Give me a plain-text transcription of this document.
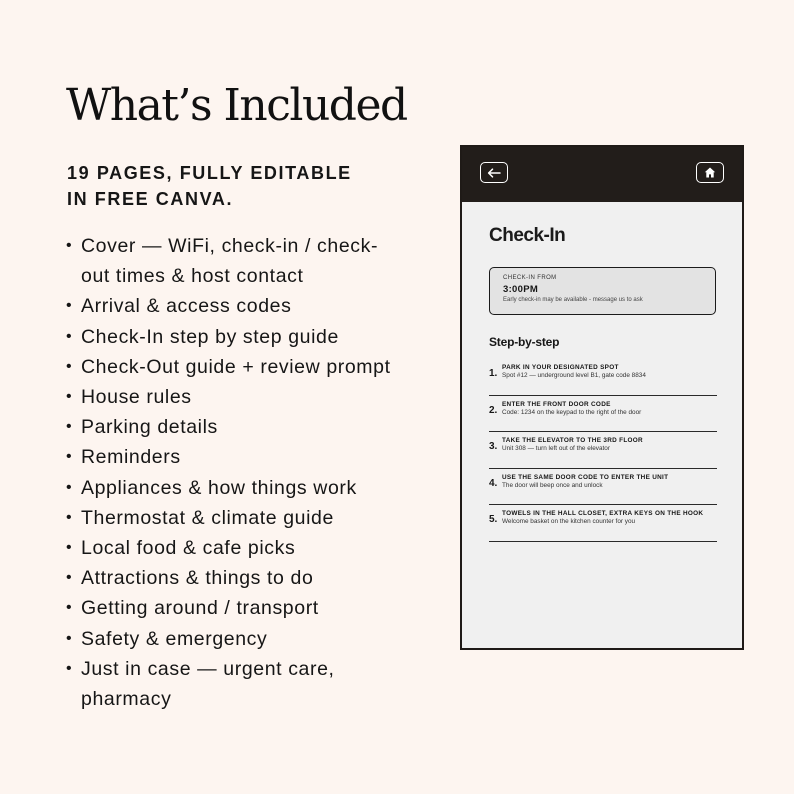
What’s Included
19 PAGES, FULLY EDITABLE
IN FREE CANVA.
• Cover — WiFi, check-in / check-
out times & host contact
• Arrival & access codes
• Check-In step by step guide
• Check-Out guide + review prompt
• House rules
• Parking details
• Reminders
• Appliances & how things work
• Thermostat & climate guide
• Local food & cafe picks
• Attractions & things to do
• Getting around / transport
• Safety & emergency
• Just in case — urgent care,
pharmacy
Check-In
CHECK-IN FROM
3:00PM
Early check-in may be available - message us to ask
Step-by-step
1.
PARK IN YOUR DESIGNATED SPOT
Spot #12 — underground level B1, gate code 8834
2.
ENTER THE FRONT DOOR CODE
Code: 1234 on the keypad to the right of the door
3.
TAKE THE ELEVATOR TO THE 3RD FLOOR
Unit 308 — turn left out of the elevator
4.
USE THE SAME DOOR CODE TO ENTER THE UNIT
The door will beep once and unlock
5.
TOWELS IN THE HALL CLOSET, EXTRA KEYS ON THE HOOK
Welcome basket on the kitchen counter for you
